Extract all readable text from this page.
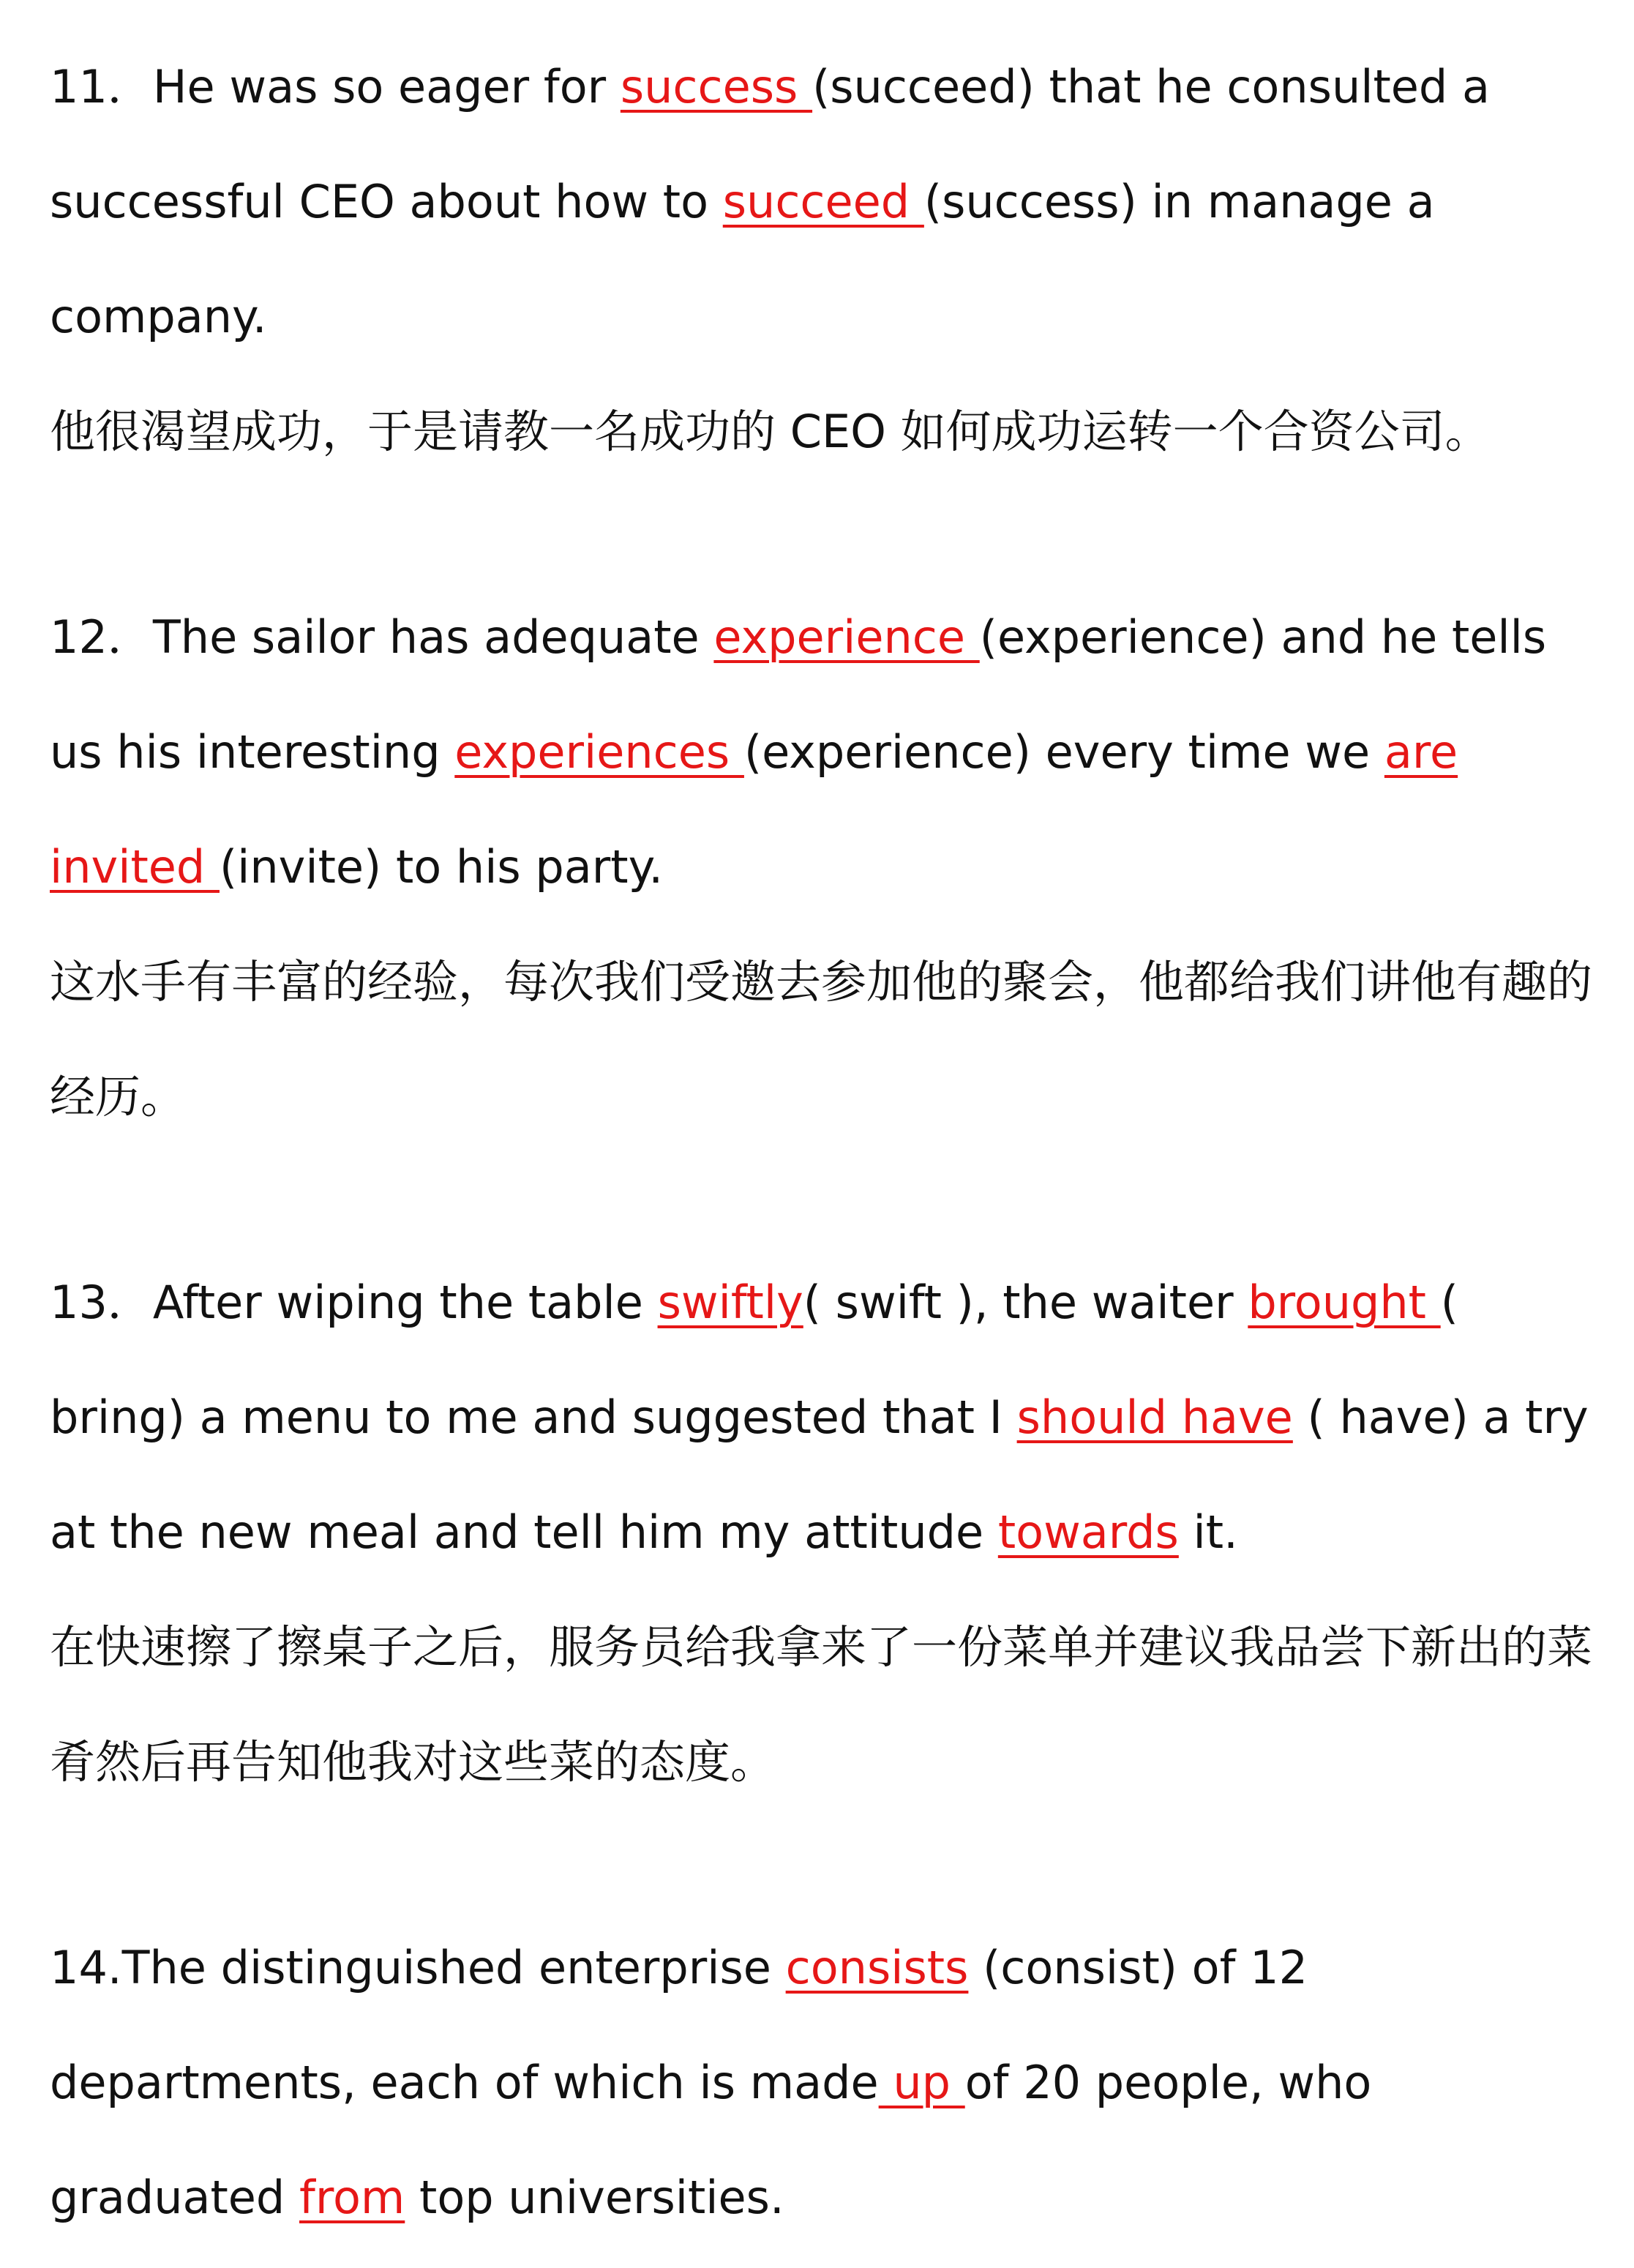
11．He was so eager for success (succeed) that he consulted a successful CEO about how to succeed (success) in manage a company.

他很渴望成功，于是请教一名成功的 CEO 如何成功运转一个合资公司。

12．The sailor has adequate experience (experience) and he tells us his interesting experiences (experience) every time we are invited (invite) to his party.

这水手有丰富的经验，每次我们受邀去参加他的聚会，他都给我们讲他有趣的经历。

13．After wiping the table swiftly( swift ), the waiter brought ( bring) a menu to me and suggested that I should have ( have) a try at the new meal and tell him my attitude towards it.

在快速擦了擦桌子之后，服务员给我拿来了一份菜单并建议我品尝下新出的菜肴然后再告知他我对这些菜的态度。

14.The distinguished enterprise consists (consist) of 12 departments, each of which is made up of 20 people, who graduated from top universities.
